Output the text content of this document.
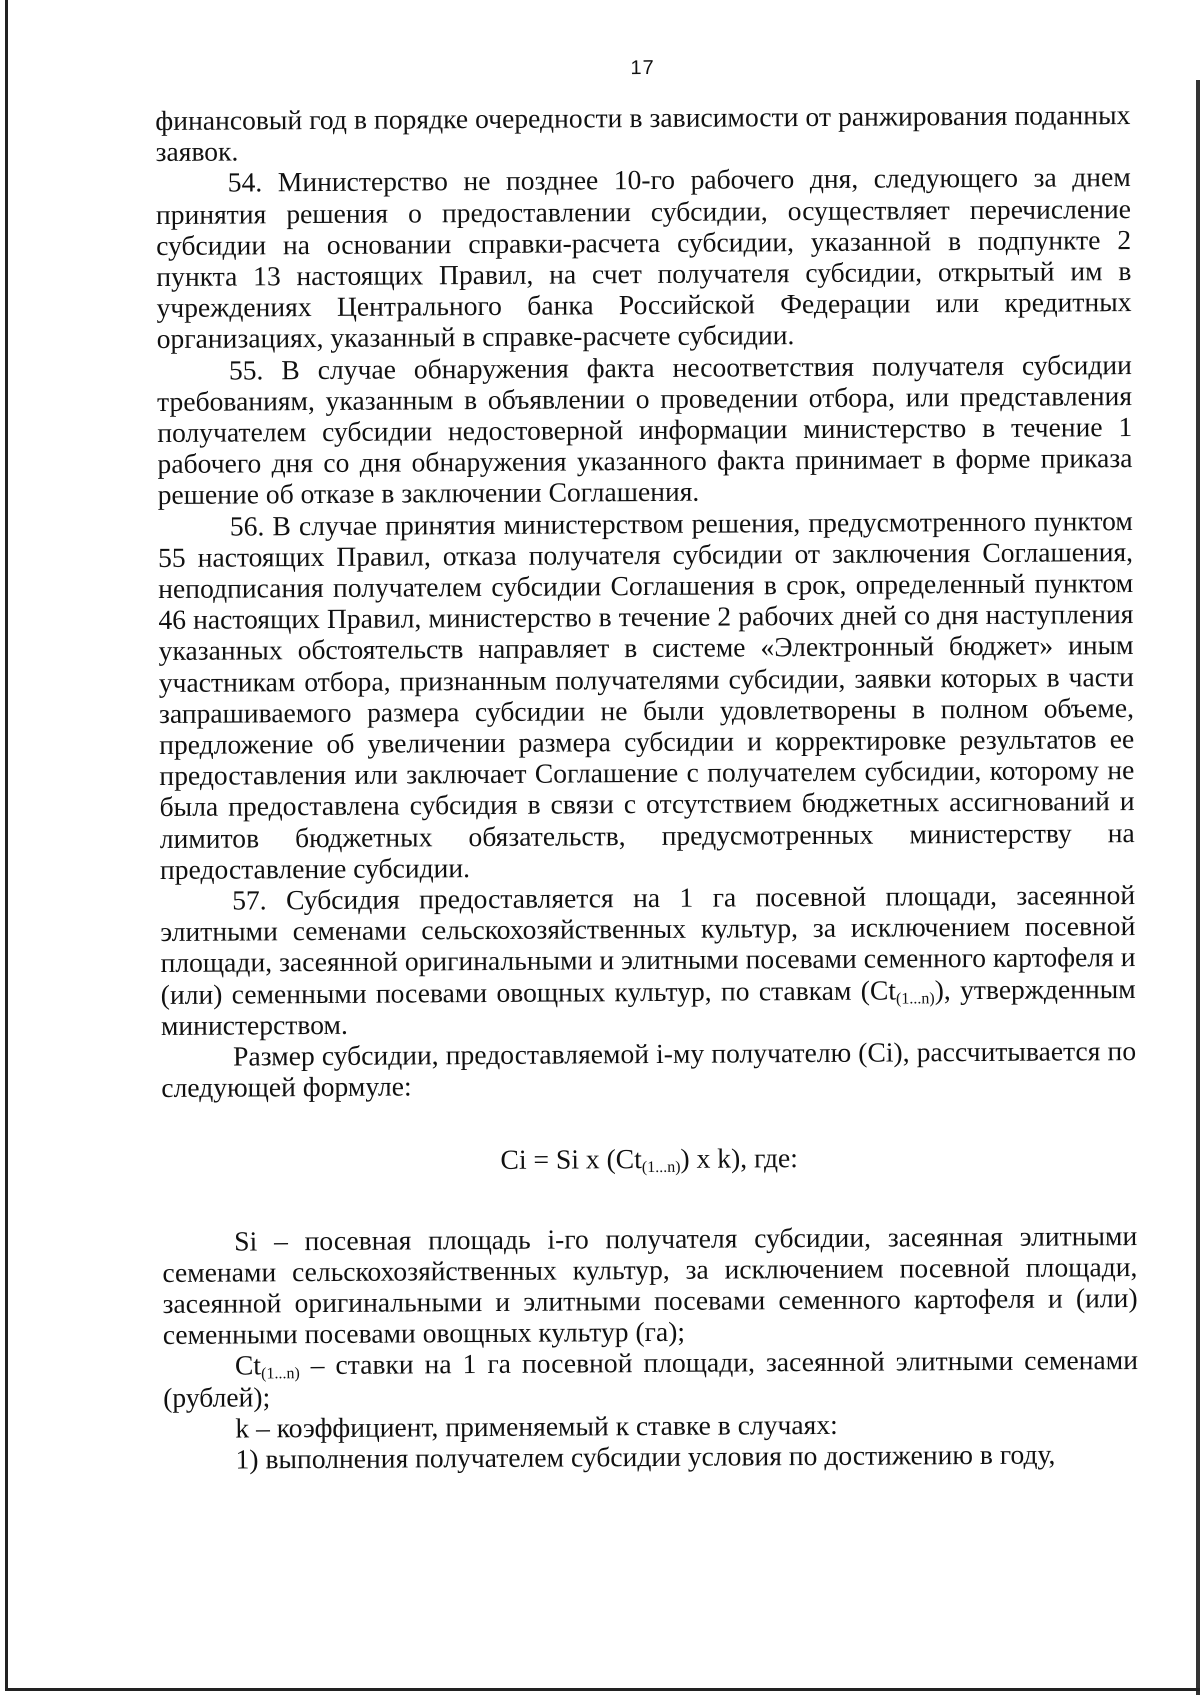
17

финансовый год в порядке очередности в зависимости от ранжирования поданных заявок.

54. Министерство не позднее 10-го рабочего дня, следующего за днем принятия решения о предоставлении субсидии, осуществляет перечисление субсидии на основании справки-расчета субсидии, указанной в подпункте 2 пункта 13 настоящих Правил, на счет получателя субсидии, открытый им в учреждениях Центрального банка Российской Федерации или кредитных организациях, указанный в справке-расчете субсидии.

55. В случае обнаружения факта несоответствия получателя субсидии требованиям, указанным в объявлении о проведении отбора, или представления получателем субсидии недостоверной информации министерство в течение 1 рабочего дня со дня обнаружения указанного факта принимает в форме приказа решение об отказе в заключении Соглашения.

56. В случае принятия министерством решения, предусмотренного пунктом 55 настоящих Правил, отказа получателя субсидии от заключения Соглашения, неподписания получателем субсидии Соглашения в срок, определенный пунктом 46 настоящих Правил, министерство в течение 2 рабочих дней со дня наступления указанных обстоятельств направляет в системе «Электронный бюджет» иным участникам отбора, признанным получателями субсидии, заявки которых в части запрашиваемого размера субсидии не были удовлетворены в полном объеме, предложение об увеличении размера субсидии и корректировке результатов ее предоставления или заключает Соглашение с получателем субсидии, которому не была предоставлена субсидия в связи с отсутствием бюджетных ассигнований и лимитов бюджетных обязательств, предусмотренных министерству на предоставление субсидии.

57. Субсидия предоставляется на 1 га посевной площади, засеянной элитными семенами сельскохозяйственных культур, за исключением посевной площади, засеянной оригинальными и элитными посевами семенного картофеля и (или) семенными посевами овощных культур, по ставкам $(Ct_{(1...n)})$, утвержденным министерством.

Размер субсидии, предоставляемой i-му получателю (Ci), рассчитывается по следующей формуле:

Ci = Si x $(Ct_{(1...n)})$ x k), где:

Si – посевная площадь i-го получателя субсидии, засеянная элитными семенами сельскохозяйственных культур, за исключением посевной площади, засеянной оригинальными и элитными посевами семенного картофеля и (или) семенными посевами овощных культур (га);

$Ct_{(1...n)}$ – ставки на 1 га посевной площади, засеянной элитными семенами (рублей);

k – коэффициент, применяемый к ставке в случаях:

1) выполнения получателем субсидии условия по достижению в году,
